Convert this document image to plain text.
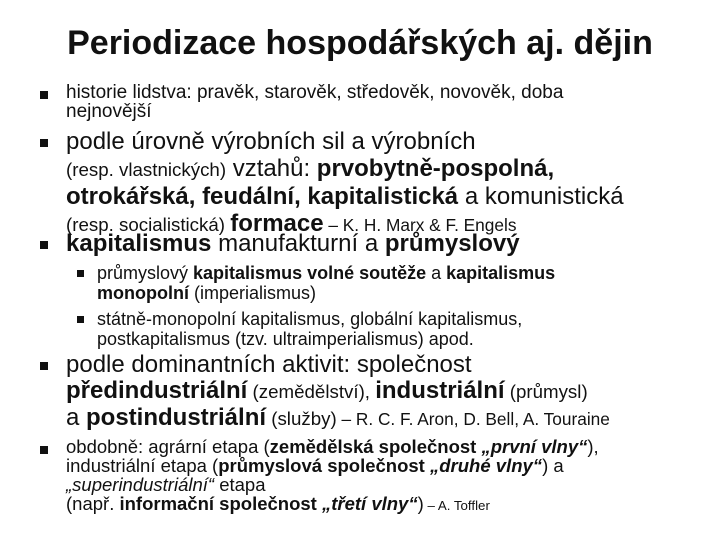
Periodizace hospodářských aj. dějin
historie lidstva: pravěk, starověk, středověk, novověk, doba
nejnovější
podle úrovně výrobních sil a výrobních
(resp. vlastnických) vztahů: prvobytně-pospolná,
otrokářská, feudální, kapitalistická a komunistická
(resp. socialistická) formace – K. H. Marx & F. Engels
kapitalismus manufakturní a průmyslový
průmyslový kapitalismus volné soutěže a kapitalismus
monopolní (imperialismus)
státně-monopolní kapitalismus, globální kapitalismus,
postkapitalismus (tzv. ultraimperialismus) apod.
podle dominantních aktivit: společnost
předindustriální (zemědělství), industriální (průmysl)
a postindustriální (služby) – R. C. F. Aron, D. Bell, A. Touraine
obdobně: agrární etapa (zemědělská společnost „první vlny“),
industriální etapa (průmyslová společnost „druhé vlny“) a
„superindustriální“ etapa
(např. informační společnost „třetí vlny“) – A. Toffler
